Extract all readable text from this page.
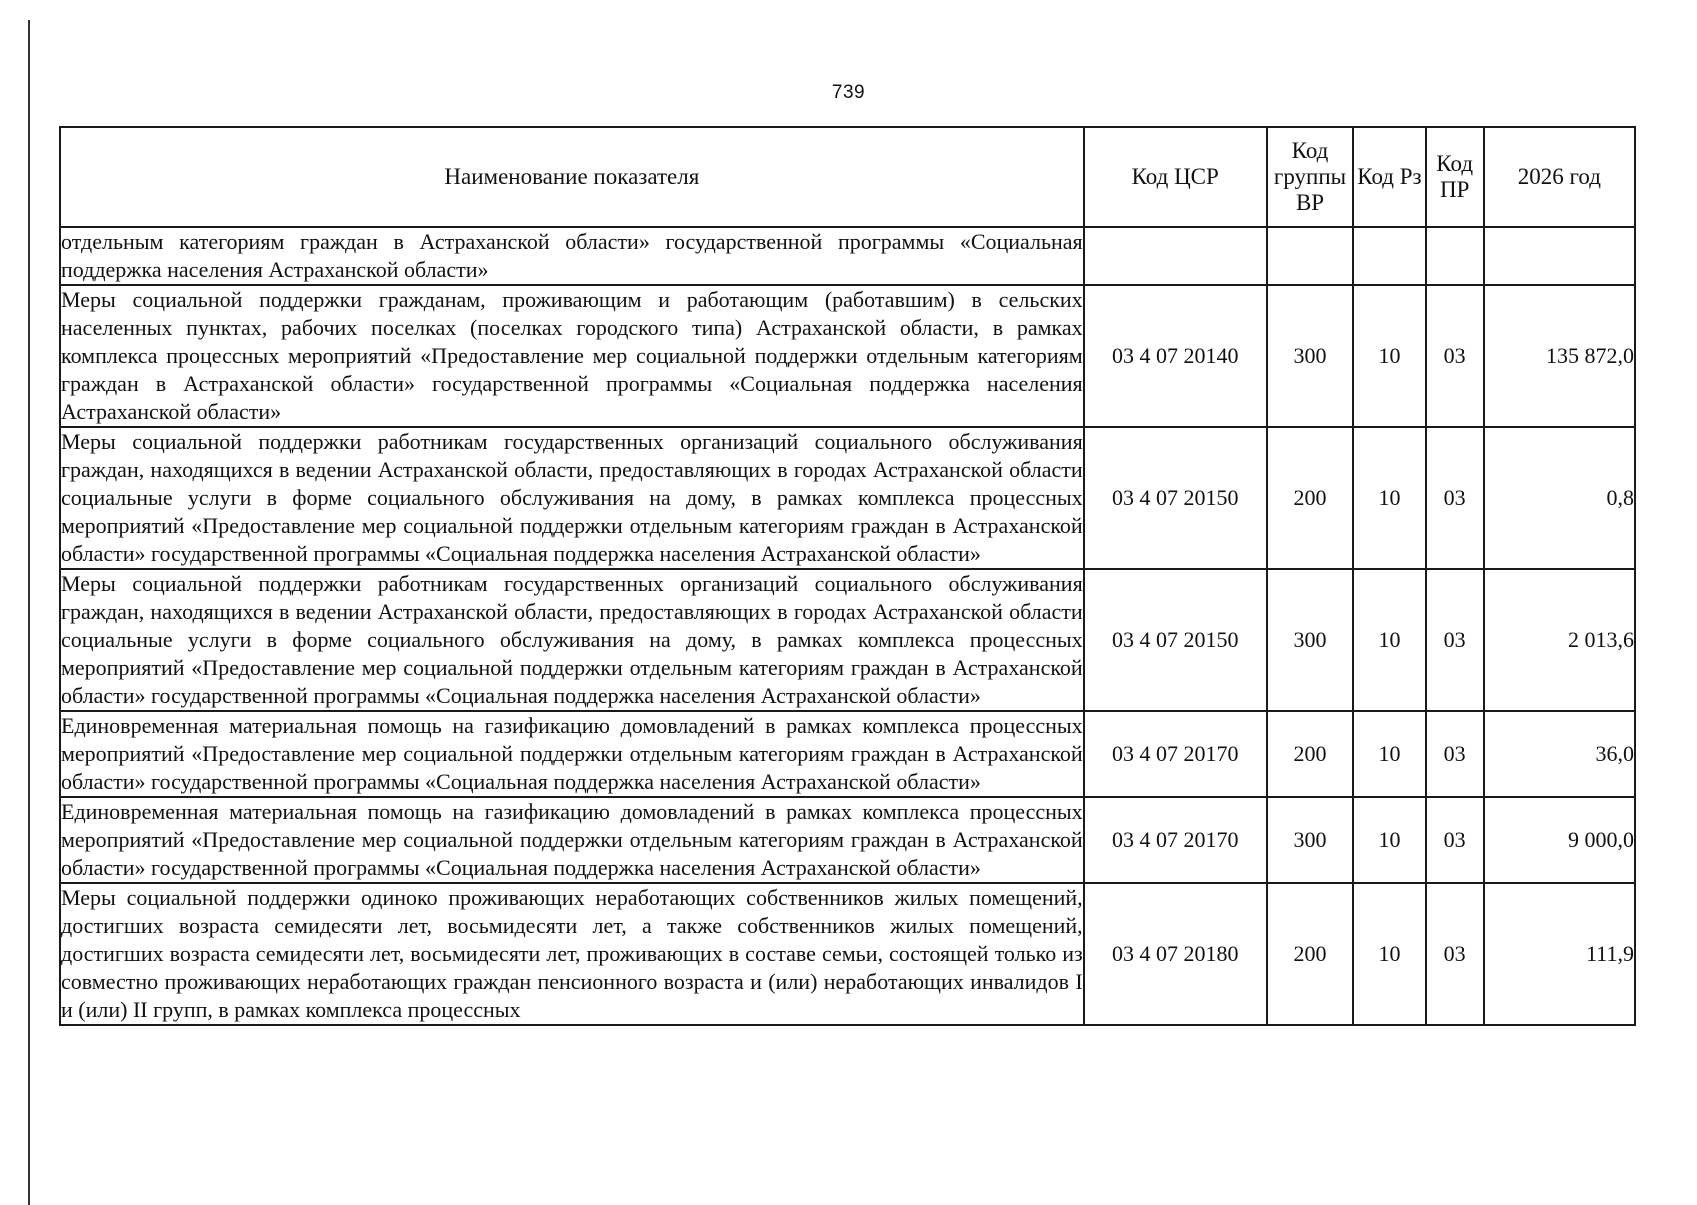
739
Наименование показателя	Код ЦСР	Код группы ВР	Код Рз	Код ПР	2026 год
отдельным категориям граждан в Астраханской области» государственной программы «Социальная поддержка населения Астраханской области»					
Меры социальной поддержки гражданам, проживающим и работающим (работавшим) в сельских населенных пунктах, рабочих поселках (поселках городского типа) Астраханской области, в рамках комплекса процессных мероприятий «Предоставление мер социальной поддержки отдельным категориям граждан в Астраханской области» государственной программы «Социальная поддержка населения Астраханской области»	03 4 07 20140	300	10	03	135 872,0
Меры социальной поддержки работникам государственных организаций социального обслуживания граждан, находящихся в ведении Астраханской области, предоставляющих в городах Астраханской области социальные услуги в форме социального обслуживания на дому, в рамках комплекса процессных мероприятий «Предоставление мер социальной поддержки отдельным категориям граждан в Астраханской области» государственной программы «Социальная поддержка населения Астраханской области»	03 4 07 20150	200	10	03	0,8
Меры социальной поддержки работникам государственных организаций социального обслуживания граждан, находящихся в ведении Астраханской области, предоставляющих в городах Астраханской области социальные услуги в форме социального обслуживания на дому, в рамках комплекса процессных мероприятий «Предоставление мер социальной поддержки отдельным категориям граждан в Астраханской области» государственной программы «Социальная поддержка населения Астраханской области»	03 4 07 20150	300	10	03	2 013,6
Единовременная материальная помощь на газификацию домовладений в рамках комплекса процессных мероприятий «Предоставление мер социальной поддержки отдельным категориям граждан в Астраханской области» государственной программы «Социальная поддержка населения Астраханской области»	03 4 07 20170	200	10	03	36,0
Единовременная материальная помощь на газификацию домовладений в рамках комплекса процессных мероприятий «Предоставление мер социальной поддержки отдельным категориям граждан в Астраханской области» государственной программы «Социальная поддержка населения Астраханской области»	03 4 07 20170	300	10	03	9 000,0
Меры социальной поддержки одиноко проживающих неработающих собственников жилых помещений, достигших возраста семидесяти лет, восьмидесяти лет, а также собственников жилых помещений, достигших возраста семидесяти лет, восьмидесяти лет, проживающих в составе семьи, состоящей только из совместно проживающих неработающих граждан пенсионного возраста и (или) неработающих инвалидов I и (или) II групп, в рамках комплекса процессных	03 4 07 20180	200	10	03	111,9
